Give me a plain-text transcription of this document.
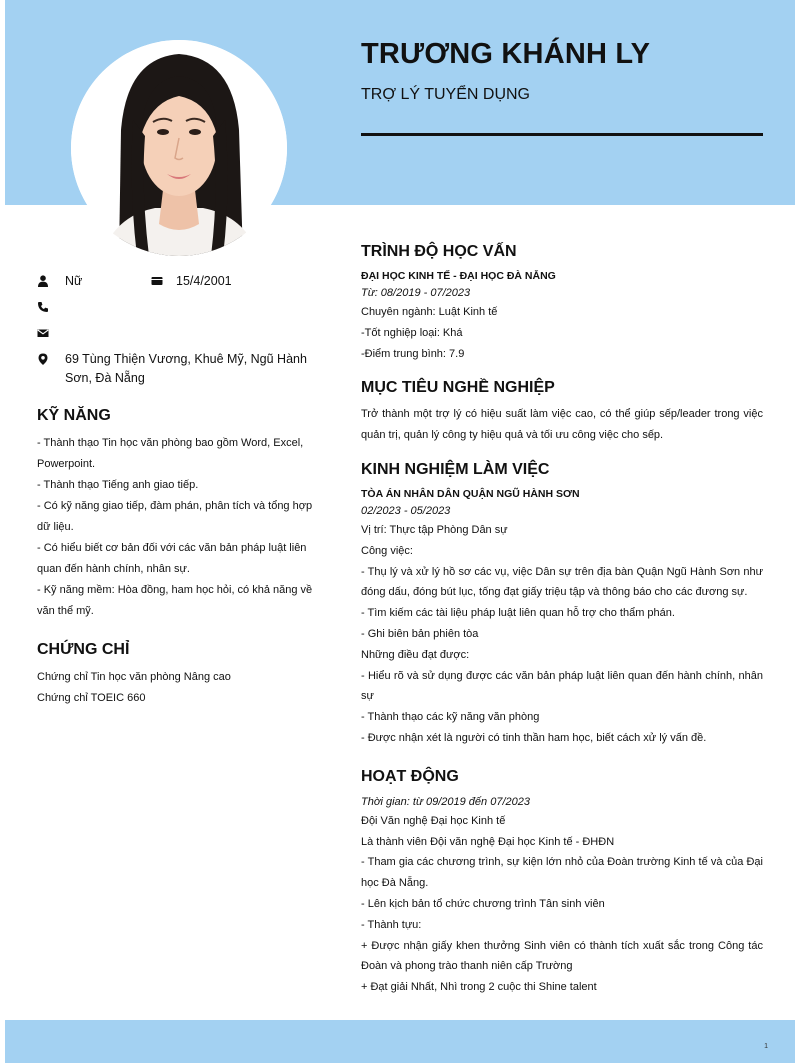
TRƯƠNG KHÁNH LY
TRỢ LÝ TUYỂN DỤNG
Nữ	15/4/2001
69 Tùng Thiện Vương, Khuê Mỹ, Ngũ Hành Sơn, Đà Nẵng
KỸ NĂNG
- Thành thạo Tin học văn phòng bao gồm Word, Excel, Powerpoint.
- Thành thạo Tiếng anh giao tiếp.
- Có kỹ năng giao tiếp, đàm phán, phân tích và tổng hợp dữ liệu.
- Có hiểu biết cơ bản đối với các văn bản pháp luật liên quan đến hành chính, nhân sự.
- Kỹ năng mềm: Hòa đồng, ham học hỏi, có khả năng về văn thể mỹ.
CHỨNG CHỈ
Chứng chỉ Tin học văn phòng Nâng cao
Chứng chỉ TOEIC 660
TRÌNH ĐỘ HỌC VẤN
ĐẠI HỌC KINH TẾ - ĐẠI HỌC ĐÀ NẴNG
Từ: 08/2019 - 07/2023
Chuyên ngành: Luật Kinh tế
-Tốt nghiệp loại: Khá
-Điểm trung bình: 7.9
MỤC TIÊU NGHỀ NGHIỆP
Trở thành một trợ lý có hiệu suất làm việc cao, có thể giúp sếp/leader trong việc quản trị, quản lý công ty hiệu quả và tối ưu công việc cho sếp.
KINH NGHIỆM LÀM VIỆC
TÒA ÁN NHÂN DÂN QUẬN NGŨ HÀNH SƠN
02/2023 - 05/2023
Vị trí: Thực tập Phòng Dân sự
Công việc:
- Thụ lý và xử lý hồ sơ các vụ, việc Dân sự trên địa bàn Quận Ngũ Hành Sơn như đóng dấu, đóng bút lục, tống đạt giấy triệu tập và thông báo cho các đương sự.
- Tìm kiếm các tài liệu pháp luật liên quan hỗ trợ cho thẩm phán.
- Ghi biên bản phiên tòa
Những điều đạt được:
- Hiểu rõ và sử dụng được các văn bản pháp luật liên quan đến hành chính, nhân sự
- Thành thạo các kỹ năng văn phòng
- Được nhận xét là người có tinh thần ham học, biết cách xử lý vấn đề.
HOẠT ĐỘNG
Thời gian: từ 09/2019 đến 07/2023
Đội Văn nghệ Đại học Kinh tế
Là thành viên Đội văn nghệ Đại học Kinh tế - ĐHĐN
- Tham gia các chương trình, sự kiện lớn nhỏ của Đoàn trường Kinh tế và của Đại học Đà Nẵng.
- Lên kịch bản tổ chức chương trình Tân sinh viên
- Thành tựu:
+ Được nhận giấy khen thưởng Sinh viên có thành tích xuất sắc trong Công tác Đoàn và phong trào thanh niên cấp Trường
+ Đạt giải Nhất, Nhì trong 2 cuộc thi Shine talent
1
